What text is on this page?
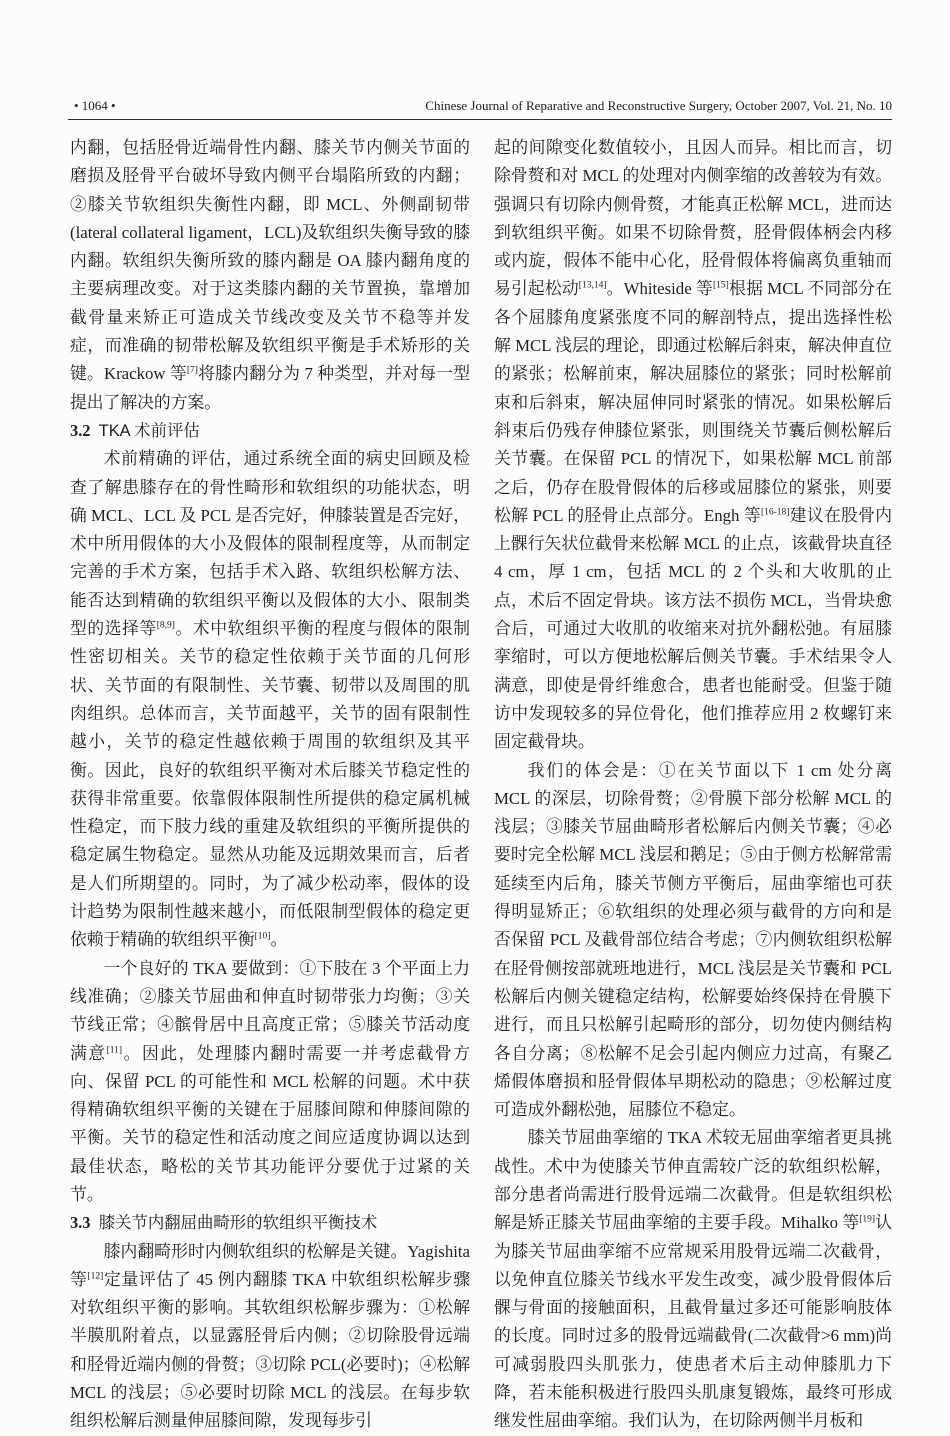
• 1064 •	Chinese Journal of Reparative and Reconstructive Surgery, October 2007, Vol. 21, No. 10

内翻，包括胫骨近端骨性内翻、膝关节内侧关节面的磨损及胫骨平台破坏导致内侧平台塌陷所致的内翻；②膝关节软组织失衡性内翻，即 MCL、外侧副韧带(lateral collateral ligament，LCL)及软组织失衡导致的膝内翻。软组织失衡所致的膝内翻是 OA 膝内翻角度的主要病理改变。对于这类膝内翻的关节置换，靠增加截骨量来矫正可造成关节线改变及关节不稳等并发症，而准确的韧带松解及软组织平衡是手术矫形的关键。Krackow 等[7]将膝内翻分为 7 种类型，并对每一型提出了解决的方案。

3.2 TKA 术前评估

术前精确的评估，通过系统全面的病史回顾及检查了解患膝存在的骨性畸形和软组织的功能状态，明确 MCL、LCL 及 PCL 是否完好，伸膝装置是否完好，术中所用假体的大小及假体的限制程度等，从而制定完善的手术方案，包括手术入路、软组织松解方法、能否达到精确的软组织平衡以及假体的大小、限制类型的选择等[8,9]。术中软组织平衡的程度与假体的限制性密切相关。关节的稳定性依赖于关节面的几何形状、关节面的有限制性、关节囊、韧带以及周围的肌肉组织。总体而言，关节面越平，关节的固有限制性越小，关节的稳定性越依赖于周围的软组织及其平衡。因此，良好的软组织平衡对术后膝关节稳定性的获得非常重要。依靠假体限制性所提供的稳定属机械性稳定，而下肢力线的重建及软组织的平衡所提供的稳定属生物稳定。显然从功能及远期效果而言，后者是人们所期望的。同时，为了减少松动率，假体的设计趋势为限制性越来越小，而低限制型假体的稳定更依赖于精确的软组织平衡[10]。

一个良好的 TKA 要做到：①下肢在 3 个平面上力线准确；②膝关节屈曲和伸直时韧带张力均衡；③关节线正常；④髌骨居中且高度正常；⑤膝关节活动度满意[11]。因此，处理膝内翻时需要一并考虑截骨方向、保留 PCL 的可能性和 MCL 松解的问题。术中获得精确软组织平衡的关键在于屈膝间隙和伸膝间隙的平衡。关节的稳定性和活动度之间应适度协调以达到最佳状态，略松的关节其功能评分要优于过紧的关节。

3.3 膝关节内翻屈曲畸形的软组织平衡技术

膝内翻畸形时内侧软组织的松解是关键。Yagishita 等[12]定量评估了 45 例内翻膝 TKA 中软组织松解步骤对软组织平衡的影响。其软组织松解步骤为：①松解半膜肌附着点，以显露胫骨后内侧；②切除股骨远端和胫骨近端内侧的骨赘；③切除 PCL(必要时)；④松解 MCL 的浅层；⑤必要时切除 MCL 的浅层。在每步软组织松解后测量伸屈膝间隙，发现每步引

起的间隙变化数值较小，且因人而异。相比而言，切除骨赘和对 MCL 的处理对内侧挛缩的改善较为有效。强调只有切除内侧骨赘，才能真正松解 MCL，进而达到软组织平衡。如果不切除骨赘，胫骨假体柄会内移或内旋，假体不能中心化，胫骨假体将偏离负重轴而易引起松动[13,14]。Whiteside 等[15]根据 MCL 不同部分在各个屈膝角度紧张度不同的解剖特点，提出选择性松解 MCL 浅层的理论，即通过松解后斜束，解决伸直位的紧张；松解前束，解决屈膝位的紧张；同时松解前束和后斜束，解决屈伸同时紧张的情况。如果松解后斜束后仍残存伸膝位紧张，则围绕关节囊后侧松解后关节囊。在保留 PCL 的情况下，如果松解 MCL 前部之后，仍存在股骨假体的后移或屈膝位的紧张，则要松解 PCL 的胫骨止点部分。Engh 等[16-18]建议在股骨内上髁行矢状位截骨来松解 MCL 的止点，该截骨块直径 4 cm，厚 1 cm，包括 MCL 的 2 个头和大收肌的止点，术后不固定骨块。该方法不损伤 MCL，当骨块愈合后，可通过大收肌的收缩来对抗外翻松弛。有屈膝挛缩时，可以方便地松解后侧关节囊。手术结果令人满意，即使是骨纤维愈合，患者也能耐受。但鉴于随访中发现较多的异位骨化，他们推荐应用 2 枚螺钉来固定截骨块。

我们的体会是：①在关节面以下 1 cm 处分离 MCL 的深层，切除骨赘；②骨膜下部分松解 MCL 的浅层；③膝关节屈曲畸形者松解后内侧关节囊；④必要时完全松解 MCL 浅层和鹅足；⑤由于侧方松解常需延续至内后角，膝关节侧方平衡后，屈曲挛缩也可获得明显矫正；⑥软组织的处理必须与截骨的方向和是否保留 PCL 及截骨部位结合考虑；⑦内侧软组织松解在胫骨侧按部就班地进行，MCL 浅层是关节囊和 PCL 松解后内侧关键稳定结构，松解要始终保持在骨膜下进行，而且只松解引起畸形的部分，切勿使内侧结构各自分离；⑧松解不足会引起内侧应力过高，有聚乙烯假体磨损和胫骨假体早期松动的隐患；⑨松解过度可造成外翻松弛，屈膝位不稳定。

膝关节屈曲挛缩的 TKA 术较无屈曲挛缩者更具挑战性。术中为使膝关节伸直需较广泛的软组织松解，部分患者尚需进行股骨远端二次截骨。但是软组织松解是矫正膝关节屈曲挛缩的主要手段。Mihalko 等[19]认为膝关节屈曲挛缩不应常规采用股骨远端二次截骨，以免伸直位膝关节线水平发生改变，减少股骨假体后髁与骨面的接触面积，且截骨量过多还可能影响肢体的长度。同时过多的股骨远端截骨(二次截骨>6 mm)尚可减弱股四头肌张力，使患者术后主动伸膝肌力下降，若未能积极进行股四头肌康复锻炼，最终可形成继发性屈曲挛缩。我们认为，在切除两侧半月板和
